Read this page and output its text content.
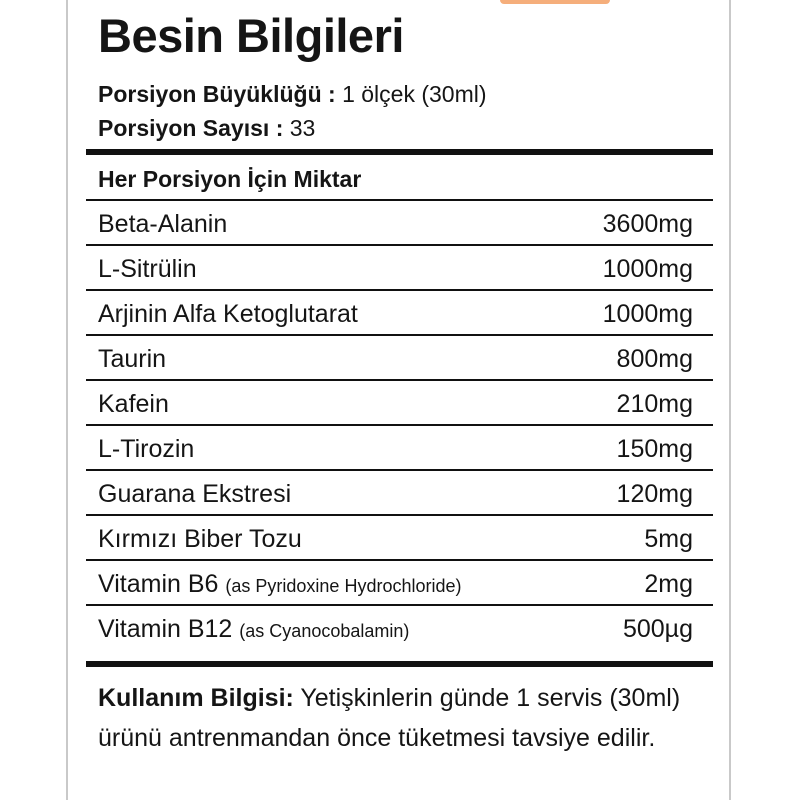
Besin Bilgileri
Porsiyon Büyüklüğü : 1 ölçek (30ml)
Porsiyon Sayısı : 33
Her Porsiyon İçin Miktar
Beta-Alanin	3600mg
L-Sitrülin	1000mg
Arjinin Alfa Ketoglutarat	1000mg
Taurin	800mg
Kafein	210mg
L-Tirozin	150mg
Guarana Ekstresi	120mg
Kırmızı Biber Tozu	5mg
Vitamin B6 (as Pyridoxine Hydrochloride)	2mg
Vitamin B12 (as Cyanocobalamin)	500µg
Kullanım Bilgisi: Yetişkinlerin günde 1 servis (30ml) ürünü antrenmandan önce tüketmesi tavsiye edilir.
